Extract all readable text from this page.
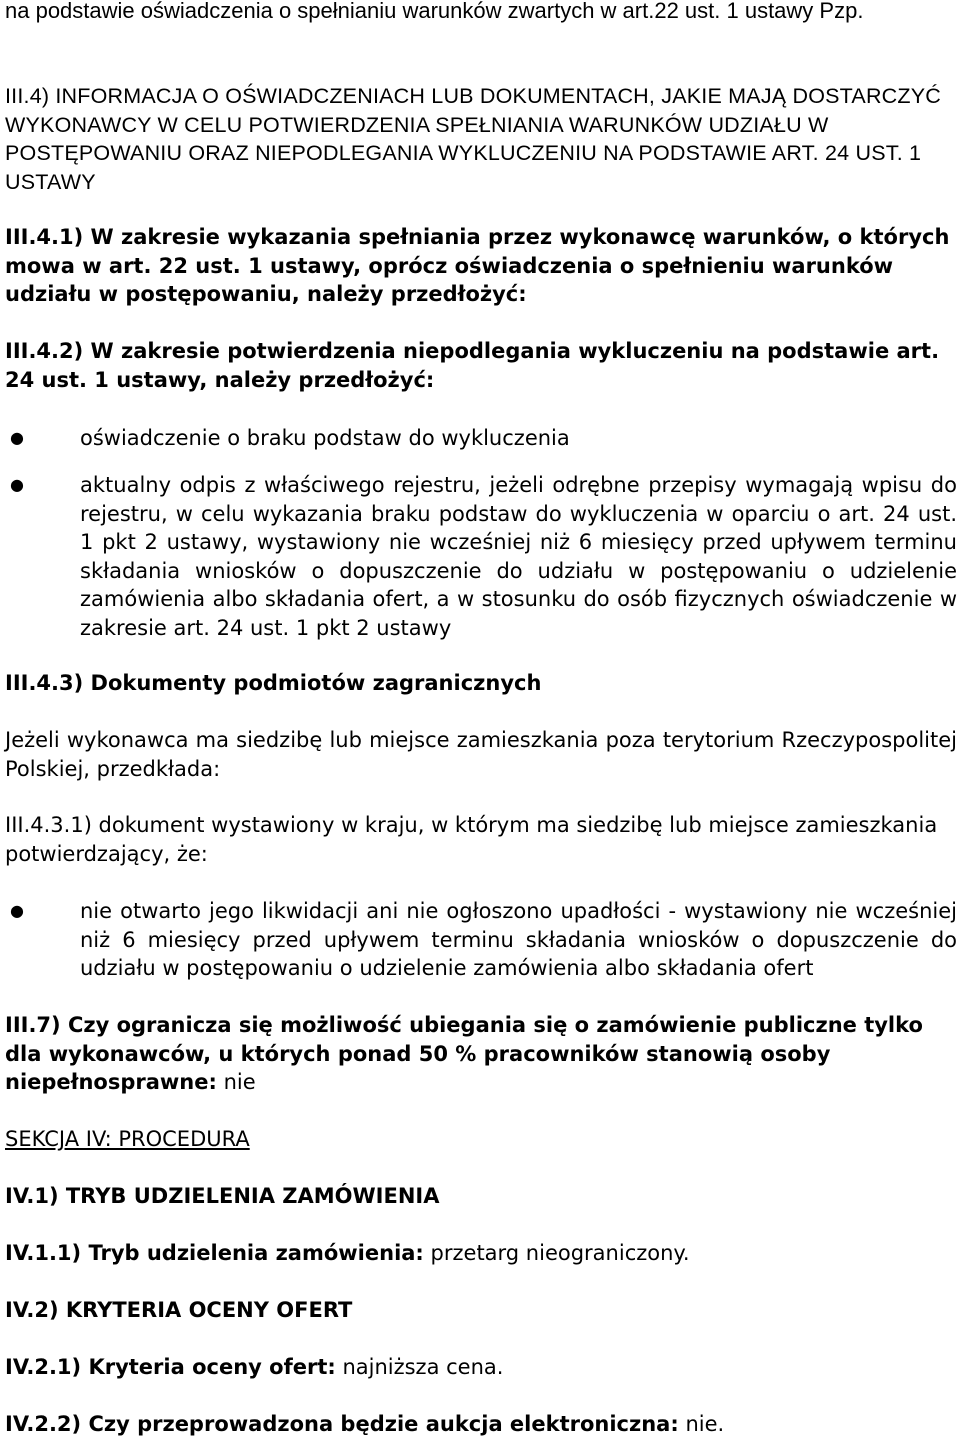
na podstawie oświadczenia o spełnianiu warunków zwartych w art.22 ust. 1 ustawy Pzp.

III.4) INFORMACJA O OŚWIADCZENIACH LUB DOKUMENTACH, JAKIE MAJĄ DOSTARCZYĆ WYKONAWCY W CELU POTWIERDZENIA SPEŁNIANIA WARUNKÓW UDZIAŁU W POSTĘPOWANIU ORAZ NIEPODLEGANIA WYKLUCZENIU NA PODSTAWIE ART. 24 UST. 1 USTAWY

III.4.1) W zakresie wykazania spełniania przez wykonawcę warunków, o których mowa w art. 22 ust. 1 ustawy, oprócz oświadczenia o spełnieniu warunków udziału w postępowaniu, należy przedłożyć:

III.4.2) W zakresie potwierdzenia niepodlegania wykluczeniu na podstawie art. 24 ust. 1 ustawy, należy przedłożyć:

●	oświadczenie o braku podstaw do wykluczenia
●	aktualny odpis z właściwego rejestru, jeżeli odrębne przepisy wymagają wpisu do rejestru, w celu wykazania braku podstaw do wykluczenia w oparciu o art. 24 ust. 1 pkt 2 ustawy, wystawiony nie wcześniej niż 6 miesięcy przed upływem terminu składania wniosków o dopuszczenie do udziału w postępowaniu o udzielenie zamówienia albo składania ofert, a w stosunku do osób fizycznych oświadczenie w zakresie art. 24 ust. 1 pkt 2 ustawy

III.4.3) Dokumenty podmiotów zagranicznych

Jeżeli wykonawca ma siedzibę lub miejsce zamieszkania poza terytorium Rzeczypospolitej Polskiej, przedkłada:

III.4.3.1) dokument wystawiony w kraju, w którym ma siedzibę lub miejsce zamieszkania potwierdzający, że:

●	nie otwarto jego likwidacji ani nie ogłoszono upadłości - wystawiony nie wcześniej niż 6 miesięcy przed upływem terminu składania wniosków o dopuszczenie do udziału w postępowaniu o udzielenie zamówienia albo składania ofert

III.7) Czy ogranicza się możliwość ubiegania się o zamówienie publiczne tylko dla wykonawców, u których ponad 50 % pracowników stanowią osoby niepełnosprawne: nie

SEKCJA IV: PROCEDURA

IV.1) TRYB UDZIELENIA ZAMÓWIENIA

IV.1.1) Tryb udzielenia zamówienia: przetarg nieograniczony.

IV.2) KRYTERIA OCENY OFERT

IV.2.1) Kryteria oceny ofert: najniższa cena.

IV.2.2) Czy przeprowadzona będzie aukcja elektroniczna: nie.
